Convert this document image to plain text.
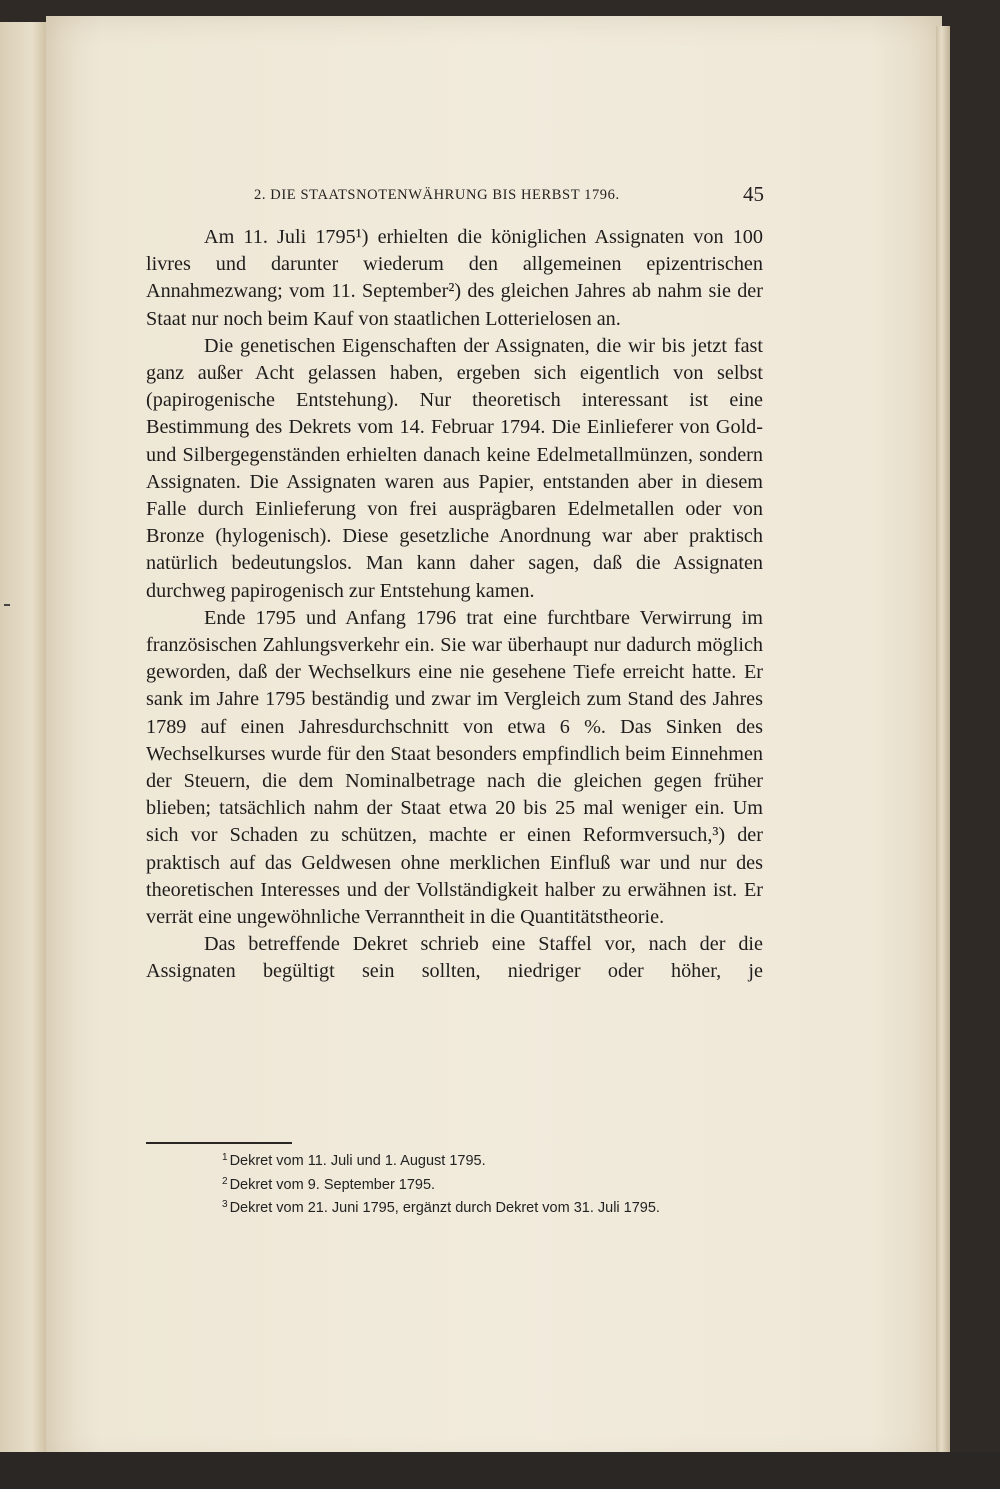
2. DIE STAATSNOTENWÄHRUNG BIS HERBST 1796.	45

Am 11. Juli 1795¹) erhielten die königlichen Assignaten von 100 livres und darunter wiederum den allgemeinen epizentrischen Annahmezwang; vom 11. September²) des gleichen Jahres ab nahm sie der Staat nur noch beim Kauf von staatlichen Lotterielosen an.

Die genetischen Eigenschaften der Assignaten, die wir bis jetzt fast ganz außer Acht gelassen haben, ergeben sich eigentlich von selbst (papirogenische Entstehung). Nur theoretisch interessant ist eine Bestimmung des Dekrets vom 14. Februar 1794. Die Einlieferer von Gold- und Silbergegenständen erhielten danach keine Edelmetallmünzen, sondern Assignaten. Die Assignaten waren aus Papier, entstanden aber in diesem Falle durch Einlieferung von frei ausprägbaren Edelmetallen oder von Bronze (hylogenisch). Diese gesetzliche Anordnung war aber praktisch natürlich bedeutungslos. Man kann daher sagen, daß die Assignaten durchweg papirogenisch zur Entstehung kamen.

Ende 1795 und Anfang 1796 trat eine furchtbare Verwirrung im französischen Zahlungsverkehr ein. Sie war überhaupt nur dadurch möglich geworden, daß der Wechselkurs eine nie gesehene Tiefe erreicht hatte. Er sank im Jahre 1795 beständig und zwar im Vergleich zum Stand des Jahres 1789 auf einen Jahresdurchschnitt von etwa 6 %. Das Sinken des Wechselkurses wurde für den Staat besonders empfindlich beim Einnehmen der Steuern, die dem Nominalbetrage nach die gleichen gegen früher blieben; tatsächlich nahm der Staat etwa 20 bis 25 mal weniger ein. Um sich vor Schaden zu schützen, machte er einen Reformversuch,³) der praktisch auf das Geldwesen ohne merklichen Einfluß war und nur des theoretischen Interesses und der Vollständigkeit halber zu erwähnen ist. Er verrät eine ungewöhnliche Verranntheit in die Quantitätstheorie.

Das betreffende Dekret schrieb eine Staffel vor, nach der die Assignaten begültigt sein sollten, niedriger oder höher, je

$^1$ Dekret vom 11. Juli und 1. August 1795.
$^2$ Dekret vom 9. September 1795.
$^3$ Dekret vom 21. Juni 1795, ergänzt durch Dekret vom 31. Juli 1795.
